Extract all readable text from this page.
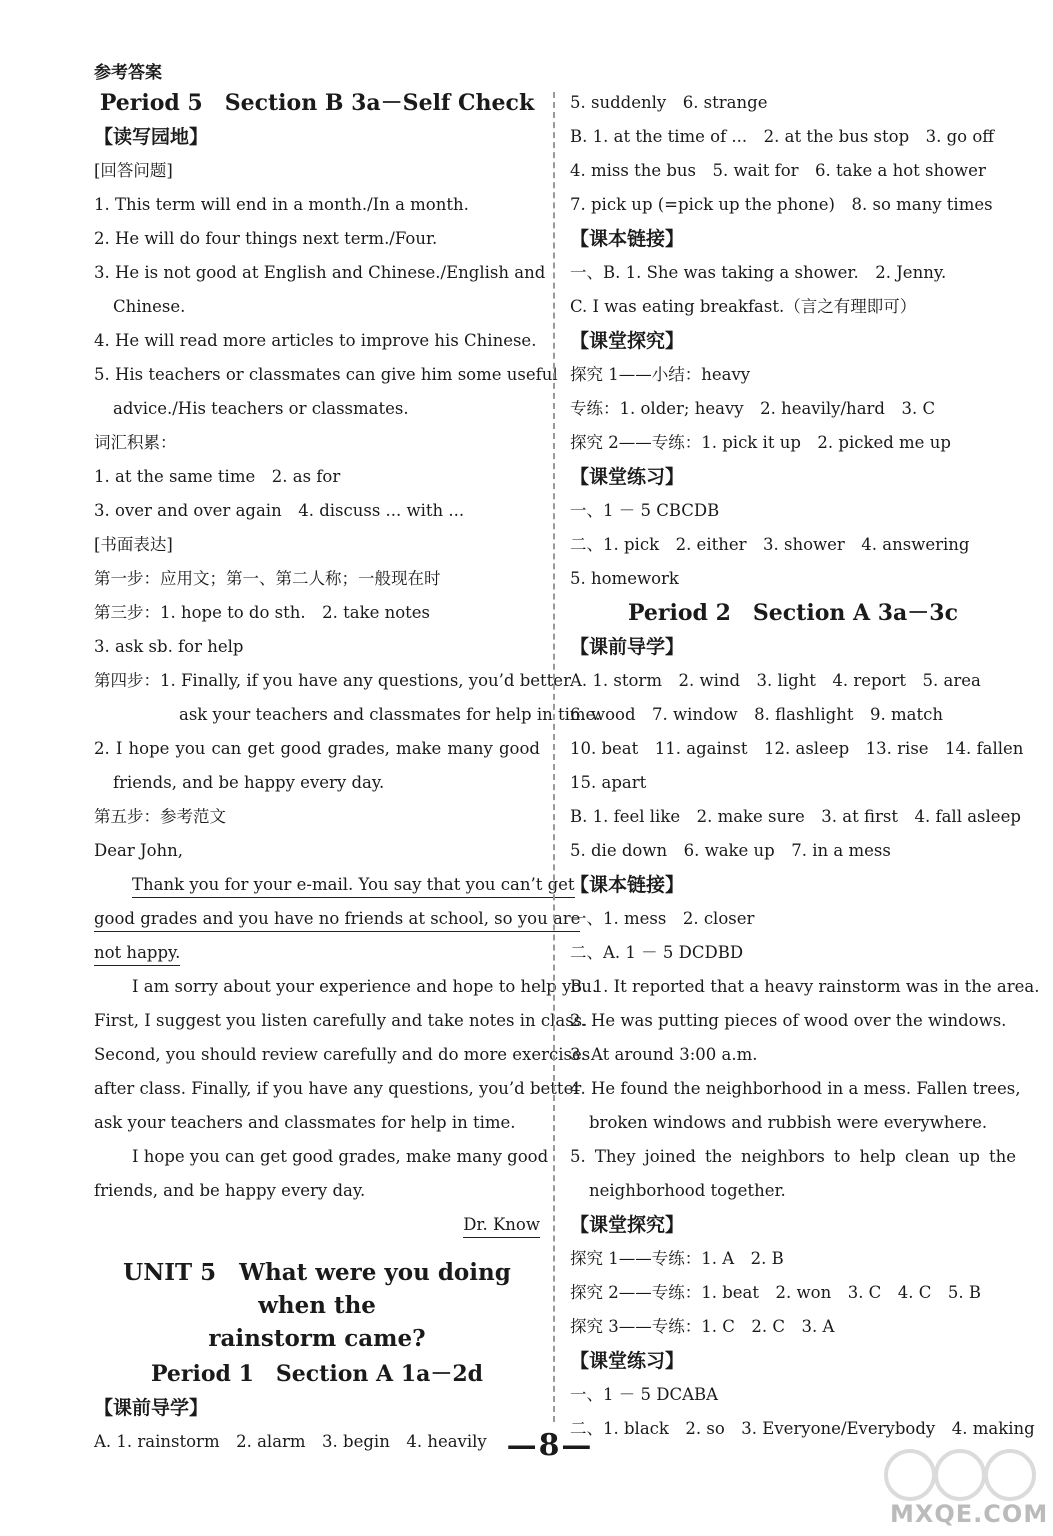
参考答案
Period 5　Section B 3a－Self Check
【读写园地】
[回答问题]
1. This term will end in a month./In a month.
2. He will do four things next term./Four.
3. He is not good at English and Chinese./English and
Chinese.
4. He will read more articles to improve his Chinese.
5. His teachers or classmates can give him some useful
advice./His teachers or classmates.
词汇积累：
1. at the same time　2. as for
3. over and over again　4. discuss ... with ...
[书面表达]
第一步：应用文；第一、第二人称；一般现在时
第三步：1. hope to do sth.　2. take notes
3. ask sb. for help
第四步：1. Finally, if you have any questions, you’d better
ask your teachers and classmates for help in time.
2. I hope you can get good grades, make many good
friends, and be happy every day.
第五步：参考范文
Dear John,
Thank you for your e-mail. You say that you can’t get
good grades and you have no friends at school, so you are
not happy.
I am sorry about your experience and hope to help you.
First, I suggest you listen carefully and take notes in class.
Second, you should review carefully and do more exercises
after class. Finally, if you have any questions, you’d better
ask your teachers and classmates for help in time.
I hope you can get good grades, make many good
friends, and be happy every day.
Dr. Know
UNIT 5　What were you doing when the
rainstorm came?
Period 1　Section A 1a－2d
【课前导学】
A. 1. rainstorm　2. alarm　3. begin　4. heavily
5. suddenly　6. strange
B. 1. at the time of ...　2. at the bus stop　3. go off
4. miss the bus　5. wait for　6. take a hot shower
7. pick up (=pick up the phone)　8. so many times
【课本链接】
一、B. 1. She was taking a shower.　2. Jenny.
C. I was eating breakfast.（言之有理即可）
【课堂探究】
探究 1——小结：heavy
专练：1. older; heavy　2. heavily/hard　3. C
探究 2——专练：1. pick it up　2. picked me up
【课堂练习】
一、1 － 5 CBCDB
二、1. pick　2. either　3. shower　4. answering
5. homework
Period 2　Section A 3a－3c
【课前导学】
A. 1. storm　2. wind　3. light　4. report　5. area
6. wood　7. window　8. flashlight　9. match
10. beat　11. against　12. asleep　13. rise　14. fallen
15. apart
B. 1. feel like　2. make sure　3. at first　4. fall asleep
5. die down　6. wake up　7. in a mess
【课本链接】
一、1. mess　2. closer
二、A. 1 － 5 DCDBD
B. 1. It reported that a heavy rainstorm was in the area.
2. He was putting pieces of wood over the windows.
3. At around 3:00 a.m.
4. He found the neighborhood in a mess. Fallen trees,
broken windows and rubbish were everywhere.
5. They joined the neighbors to help clean up the
neighborhood together.
【课堂探究】
探究 1——专练：1. A　2. B
探究 2——专练：1. beat　2. won　3. C　4. C　5. B
探究 3——专练：1. C　2. C　3. A
【课堂练习】
一、1 － 5 DCABA
二、1. black　2. so　3. Everyone/Everybody　4. making
—8—
MXQE.COM
